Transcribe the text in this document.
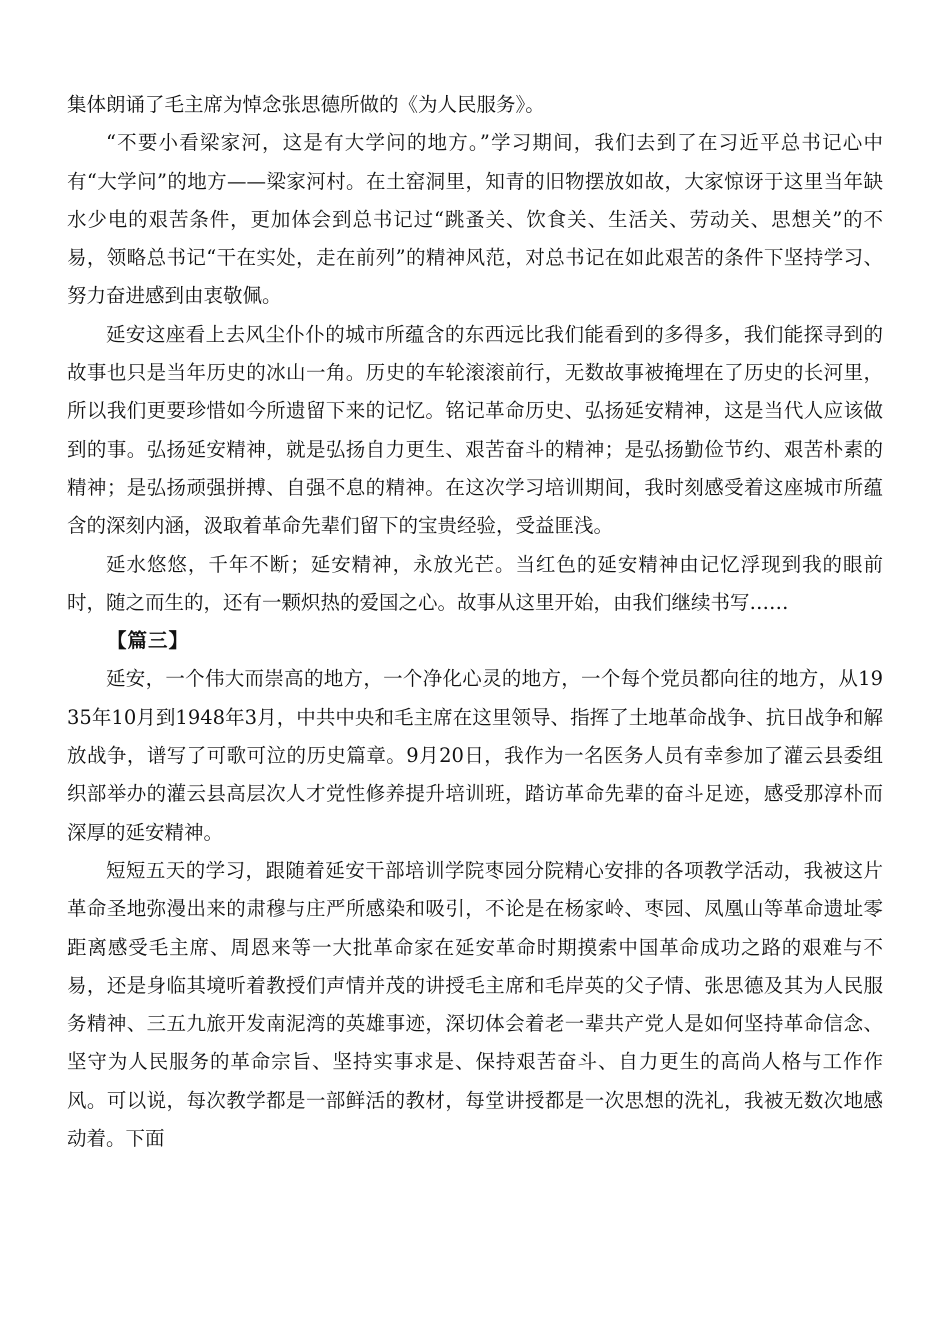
集体朗诵了毛主席为悼念张思德所做的《为人民服务》。

“不要小看梁家河，这是有大学问的地方。”学习期间，我们去到了在习近平总书记心中有“大学问”的地方——梁家河村。在土窑洞里，知青的旧物摆放如故，大家惊讶于这里当年缺水少电的艰苦条件，更加体会到总书记过“跳蚤关、饮食关、生活关、劳动关、思想关”的不易，领略总书记“干在实处，走在前列”的精神风范，对总书记在如此艰苦的条件下坚持学习、努力奋进感到由衷敬佩。

延安这座看上去风尘仆仆的城市所蕴含的东西远比我们能看到的多得多，我们能探寻到的故事也只是当年历史的冰山一角。历史的车轮滚滚前行，无数故事被掩埋在了历史的长河里，所以我们更要珍惜如今所遗留下来的记忆。铭记革命历史、弘扬延安精神，这是当代人应该做到的事。弘扬延安精神，就是弘扬自力更生、艰苦奋斗的精神；是弘扬勤俭节约、艰苦朴素的精神；是弘扬顽强拼搏、自强不息的精神。在这次学习培训期间，我时刻感受着这座城市所蕴含的深刻内涵，汲取着革命先辈们留下的宝贵经验，受益匪浅。

延水悠悠，千年不断；延安精神，永放光芒。当红色的延安精神由记忆浮现到我的眼前时，随之而生的，还有一颗炽热的爱国之心。故事从这里开始，由我们继续书写……

【篇三】

延安，一个伟大而崇高的地方，一个净化心灵的地方，一个每个党员都向往的地方，从1935年10月到1948年3月，中共中央和毛主席在这里领导、指挥了土地革命战争、抗日战争和解放战争，谱写了可歌可泣的历史篇章。9月20日，我作为一名医务人员有幸参加了灌云县委组织部举办的灌云县高层次人才党性修养提升培训班，踏访革命先辈的奋斗足迹，感受那淳朴而深厚的延安精神。

短短五天的学习，跟随着延安干部培训学院枣园分院精心安排的各项教学活动，我被这片革命圣地弥漫出来的肃穆与庄严所感染和吸引，不论是在杨家岭、枣园、凤凰山等革命遗址零距离感受毛主席、周恩来等一大批革命家在延安革命时期摸索中国革命成功之路的艰难与不易，还是身临其境听着教授们声情并茂的讲授毛主席和毛岸英的父子情、张思德及其为人民服务精神、三五九旅开发南泥湾的英雄事迹，深切体会着老一辈共产党人是如何坚持革命信念、坚守为人民服务的革命宗旨、坚持实事求是、保持艰苦奋斗、自力更生的高尚人格与工作作风。可以说，每次教学都是一部鲜活的教材，每堂讲授都是一次思想的洗礼，我被无数次地感动着。下面
